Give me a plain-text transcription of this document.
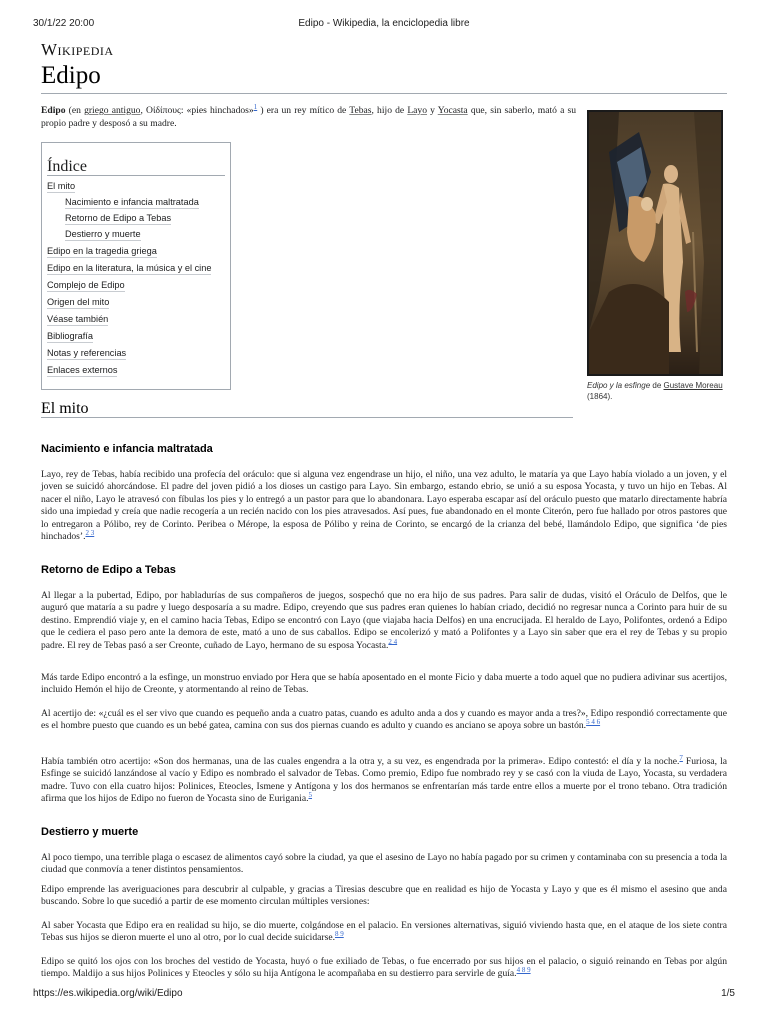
30/1/22 20:00	Edipo - Wikipedia, la enciclopedia libre
Wikipedia
Edipo
Edipo (en griego antiguo, Οἰδίπους: «pies hinchados»$^1$ ) era un rey mítico de Tebas, hijo de Layo y Yocasta que, sin saberlo, mató a su propio padre y desposó a su madre.
Índice
El mito
Nacimiento e infancia maltratada
Retorno de Edipo a Tebas
Destierro y muerte
Edipo en la tragedia griega
Edipo en la literatura, la música y el cine
Complejo de Edipo
Origen del mito
Véase también
Bibliografía
Notas y referencias
Enlaces externos
Edipo y la esfinge de Gustave Moreau (1864).
El mito
Nacimiento e infancia maltratada
Layo, rey de Tebas, había recibido una profecía del oráculo: que si alguna vez engendrase un hijo, el niño, una vez adulto, le mataría ya que Layo había violado a un joven, y el joven se suicidó ahorcándose. El padre del joven pidió a los dioses un castigo para Layo. Sin embargo, estando ebrio, se unió a su esposa Yocasta, y tuvo un hijo en Tebas. Al nacer el niño, Layo le atravesó con fíbulas los pies y lo entregó a un pastor para que lo abandonara. Layo esperaba escapar así del oráculo puesto que matarlo directamente habría sido una impiedad y creía que nadie recogería a un recién nacido con los pies atravesados. Así pues, fue abandonado en el monte Citerón, pero fue hallado por otros pastores que lo entregaron a Pólibo, rey de Corinto. Peribea o Mérope, la esposa de Pólibo y reina de Corinto, se encargó de la crianza del bebé, llamándolo Edipo, que significa ‘de pies hinchados’.$^{2 3}$
Retorno de Edipo a Tebas
Al llegar a la pubertad, Edipo, por habladurías de sus compañeros de juegos, sospechó que no era hijo de sus padres. Para salir de dudas, visitó el Oráculo de Delfos, que le auguró que mataría a su padre y luego desposaría a su madre. Edipo, creyendo que sus padres eran quienes lo habían criado, decidió no regresar nunca a Corinto para huir de su destino. Emprendió viaje y, en el camino hacia Tebas, Edipo se encontró con Layo (que viajaba hacia Delfos) en una encrucijada. El heraldo de Layo, Polifontes, ordenó a Edipo que le cediera el paso pero ante la demora de este, mató a uno de sus caballos. Edipo se encolerizó y mató a Polifontes y a Layo sin saber que era el rey de Tebas y su propio padre. El rey de Tebas pasó a ser Creonte, cuñado de Layo, hermano de su esposa Yocasta.$^{2 4}$
Más tarde Edipo encontró a la esfinge, un monstruo enviado por Hera que se había aposentado en el monte Ficio y daba muerte a todo aquel que no pudiera adivinar sus acertijos, incluido Hemón el hijo de Creonte, y atormentando al reino de Tebas.
Al acertijo de: «¿cuál es el ser vivo que cuando es pequeño anda a cuatro patas, cuando es adulto anda a dos y cuando es mayor anda a tres?», Edipo respondió correctamente que es el hombre puesto que cuando es un bebé gatea, camina con sus dos piernas cuando es adulto y cuando es anciano se apoya sobre un bastón.$^{5 4 6}$
Había también otro acertijo: «Son dos hermanas, una de las cuales engendra a la otra y, a su vez, es engendrada por la primera». Edipo contestó: el día y la noche.$^7$ Furiosa, la Esfinge se suicidó lanzándose al vacío y Edipo es nombrado el salvador de Tebas. Como premio, Edipo fue nombrado rey y se casó con la viuda de Layo, Yocasta, su verdadera madre. Tuvo con ella cuatro hijos: Polinices, Eteocles, Ismene y Antígona y los dos hermanos se enfrentarían más tarde entre ellos a muerte por el trono tebano. Otra tradición afirma que los hijos de Edipo no fueron de Yocasta sino de Eurigania.$^5$
Destierro y muerte
Al poco tiempo, una terrible plaga o escasez de alimentos cayó sobre la ciudad, ya que el asesino de Layo no había pagado por su crimen y contaminaba con su presencia a toda la ciudad que conmovía a tener distintos pensamientos.
Edipo emprende las averiguaciones para descubrir al culpable, y gracias a Tiresias descubre que en realidad es hijo de Yocasta y Layo y que es él mismo el asesino que anda buscando. Sobre lo que sucedió a partir de ese momento circulan múltiples versiones:
Al saber Yocasta que Edipo era en realidad su hijo, se dio muerte, colgándose en el palacio. En versiones alternativas, siguió viviendo hasta que, en el ataque de los siete contra Tebas sus hijos se dieron muerte el uno al otro, por lo cual decide suicidarse.$^{8 9}$
Edipo se quitó los ojos con los broches del vestido de Yocasta, huyó o fue exiliado de Tebas, o fue encerrado por sus hijos en el palacio, o siguió reinando en Tebas por algún tiempo. Maldijo a sus hijos Polinices y Eteocles y sólo su hija Antígona le acompañaba en su destierro para servirle de guía.$^{4 8 9}$
https://es.wikipedia.org/wiki/Edipo	1/5
